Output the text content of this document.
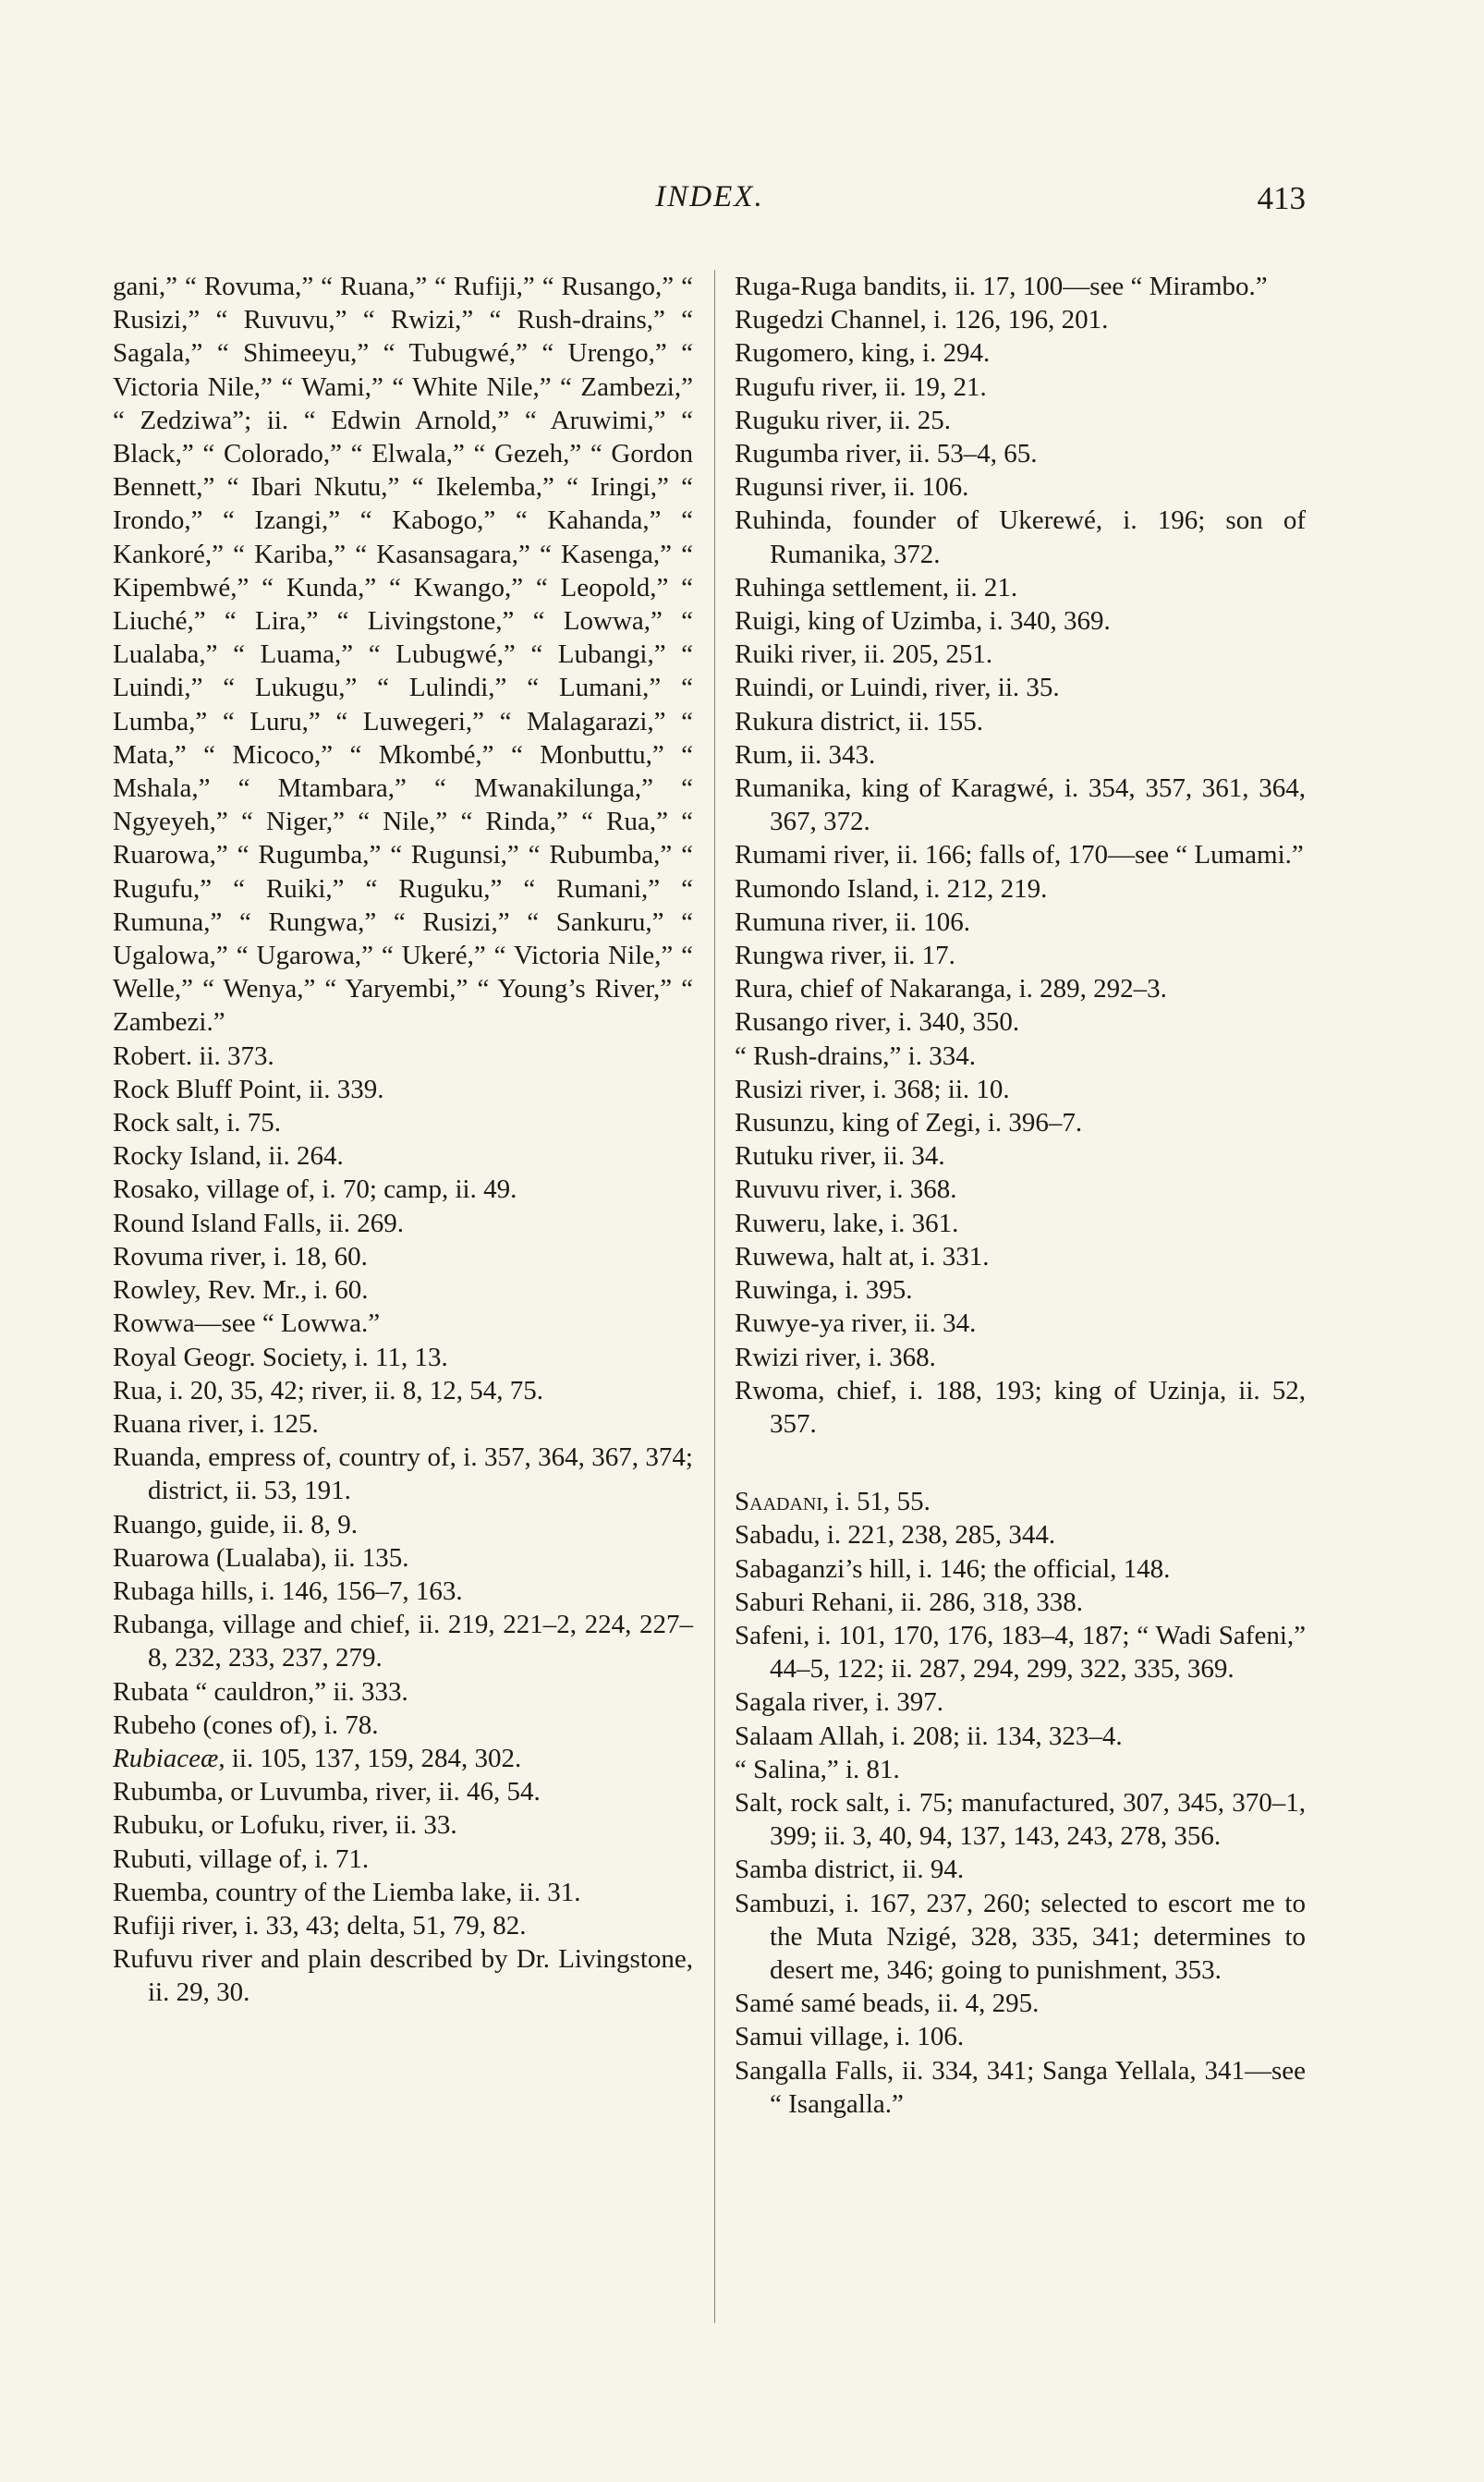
INDEX.	413

gani,” “ Rovuma,” “ Ruana,” “ Rufiji,” “ Rusango,” “ Rusizi,” “ Ruvuvu,” “ Rwizi,” “ Rush-drains,” “ Sagala,” “ Shimeeyu,” “ Tubugwé,” “ Urengo,” “ Victoria Nile,” “ Wami,” “ White Nile,” “ Zambezi,” “ Zedziwa”; ii. “ Edwin Arnold,” “ Aruwimi,” “ Black,” “ Colorado,” “ Elwala,” “ Gezeh,” “ Gordon Bennett,” “ Ibari Nkutu,” “ Ikelemba,” “ Iringi,” “ Irondo,” “ Izangi,” “ Kabogo,” “ Kahanda,” “ Kankoré,” “ Kariba,” “ Kasansagara,” “ Kasenga,” “ Kipembwé,” “ Kunda,” “ Kwango,” “ Leopold,” “ Liuché,” “ Lira,” “ Livingstone,” “ Lowwa,” “ Lualaba,” “ Luama,” “ Lubugwé,” “ Lubangi,” “ Luindi,” “ Lukugu,” “ Lulindi,” “ Lumani,” “ Lumba,” “ Luru,” “ Luwegeri,” “ Malagarazi,” “ Mata,” “ Micoco,” “ Mkombé,” “ Monbuttu,” “ Mshala,” “ Mtambara,” “ Mwanakilunga,” “ Ngyeyeh,” “ Niger,” “ Nile,” “ Rinda,” “ Rua,” “ Ruarowa,” “ Rugumba,” “ Rugunsi,” “ Rubumba,” “ Rugufu,” “ Ruiki,” “ Ruguku,” “ Rumani,” “ Rumuna,” “ Rungwa,” “ Rusizi,” “ Sankuru,” “ Ugalowa,” “ Ugarowa,” “ Ukeré,” “ Victoria Nile,” “ Welle,” “ Wenya,” “ Yaryembi,” “ Young’s River,” “ Zambezi.”

Robert. ii. 373.

Rock Bluff Point, ii. 339.

Rock salt, i. 75.

Rocky Island, ii. 264.

Rosako, village of, i. 70; camp, ii. 49.

Round Island Falls, ii. 269.

Rovuma river, i. 18, 60.

Rowley, Rev. Mr., i. 60.

Rowwa—see “ Lowwa.”

Royal Geogr. Society, i. 11, 13.

Rua, i. 20, 35, 42; river, ii. 8, 12, 54, 75.

Ruana river, i. 125.

Ruanda, empress of, country of, i. 357, 364, 367, 374; district, ii. 53, 191.

Ruango, guide, ii. 8, 9.

Ruarowa (Lualaba), ii. 135.

Rubaga hills, i. 146, 156–7, 163.

Rubanga, village and chief, ii. 219, 221–2, 224, 227–8, 232, 233, 237, 279.

Rubata “ cauldron,” ii. 333.

Rubeho (cones of), i. 78.

Rubiaceæ, ii. 105, 137, 159, 284, 302.

Rubumba, or Luvumba, river, ii. 46, 54.

Rubuku, or Lofuku, river, ii. 33.

Rubuti, village of, i. 71.

Ruemba, country of the Liemba lake, ii. 31.

Rufiji river, i. 33, 43; delta, 51, 79, 82.

Rufuvu river and plain described by Dr. Livingstone, ii. 29, 30.

Ruga-Ruga bandits, ii. 17, 100—see “ Mirambo.”

Rugedzi Channel, i. 126, 196, 201.

Rugomero, king, i. 294.

Rugufu river, ii. 19, 21.

Ruguku river, ii. 25.

Rugumba river, ii. 53–4, 65.

Rugunsi river, ii. 106.

Ruhinda, founder of Ukerewé, i. 196; son of Rumanika, 372.

Ruhinga settlement, ii. 21.

Ruigi, king of Uzimba, i. 340, 369.

Ruiki river, ii. 205, 251.

Ruindi, or Luindi, river, ii. 35.

Rukura district, ii. 155.

Rum, ii. 343.

Rumanika, king of Karagwé, i. 354, 357, 361, 364, 367, 372.

Rumami river, ii. 166; falls of, 170—see “ Lumami.”

Rumondo Island, i. 212, 219.

Rumuna river, ii. 106.

Rungwa river, ii. 17.

Rura, chief of Nakaranga, i. 289, 292–3.

Rusango river, i. 340, 350.

“ Rush-drains,” i. 334.

Rusizi river, i. 368; ii. 10.

Rusunzu, king of Zegi, i. 396–7.

Rutuku river, ii. 34.

Ruvuvu river, i. 368.

Ruweru, lake, i. 361.

Ruwewa, halt at, i. 331.

Ruwinga, i. 395.

Ruwye-ya river, ii. 34.

Rwizi river, i. 368.

Rwoma, chief, i. 188, 193; king of Uzinja, ii. 52, 357.

Saadani, i. 51, 55.

Sabadu, i. 221, 238, 285, 344.

Sabaganzi’s hill, i. 146; the official, 148.

Saburi Rehani, ii. 286, 318, 338.

Safeni, i. 101, 170, 176, 183–4, 187; “ Wadi Safeni,” 44–5, 122; ii. 287, 294, 299, 322, 335, 369.

Sagala river, i. 397.

Salaam Allah, i. 208; ii. 134, 323–4.

“ Salina,” i. 81.

Salt, rock salt, i. 75; manufactured, 307, 345, 370–1, 399; ii. 3, 40, 94, 137, 143, 243, 278, 356.

Samba district, ii. 94.

Sambuzi, i. 167, 237, 260; selected to escort me to the Muta Nzigé, 328, 335, 341; determines to desert me, 346; going to punishment, 353.

Samé samé beads, ii. 4, 295.

Samui village, i. 106.

Sangalla Falls, ii. 334, 341; Sanga Yellala, 341—see “ Isangalla.”
